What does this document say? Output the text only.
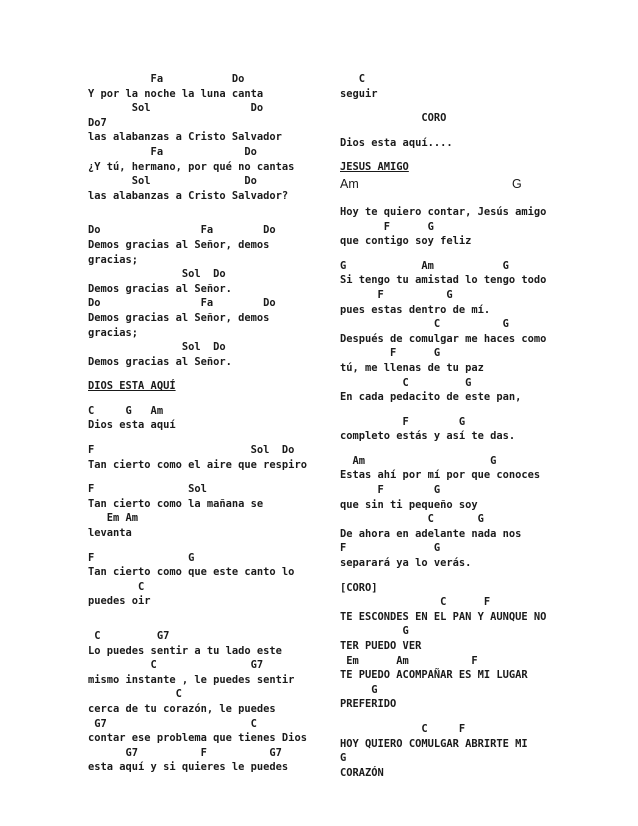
Fa           Do
Y por la noche la luna canta
Sol                Do
Do7
las alabanzas a Cristo Salvador
Fa             Do
¿Y tú, hermano, por qué no cantas
Sol               Do
las alabanzas a Cristo Salvador?
Do                Fa        Do
Demos gracias al Señor, demos
gracias;
Sol  Do
Demos gracias al Señor.
Do                Fa        Do
Demos gracias al Señor, demos
gracias;
Sol  Do
Demos gracias al Señor.
DIOS ESTA AQUÍ
C     G   Am
Dios esta aquí
F                         Sol  Do
Tan cierto como el aire que respiro
F               Sol
Tan cierto como la mañana se
Em Am
levanta
F               G
Tan cierto como que este canto lo
C
puedes oir
C         G7
Lo puedes sentir a tu lado este
C               G7
mismo instante , le puedes sentir
C
cerca de tu corazón, le puedes
G7                       C
contar ese problema que tienes Dios
G7          F          G7
esta aquí y si quieres le puedes
C
seguir
CORO
Dios esta aquí....
JESUS AMIGO
Am	G
Hoy te quiero contar, Jesús amigo
F      G
que contigo soy feliz
G            Am           G
Si tengo tu amistad lo tengo todo
F          G
pues estas dentro de mí.
C          G
Después de comulgar me haces como
F      G
tú, me llenas de tu paz
C         G
En cada pedacito de este pan,
F        G
completo estás y así te das.
Am                    G
Estas ahí por mí por que conoces
F        G
que sin ti pequeño soy
C       G
De ahora en adelante nada nos
F              G
separará ya lo verás.
[CORO]
C      F
TE ESCONDES EN EL PAN Y AUNQUE NO
G
TER PUEDO VER
Em      Am          F
TE PUEDO ACOMPAÑAR ES MI LUGAR
G
PREFERIDO
C     F
HOY QUIERO COMULGAR ABRIRTE MI
G
CORAZÓN
